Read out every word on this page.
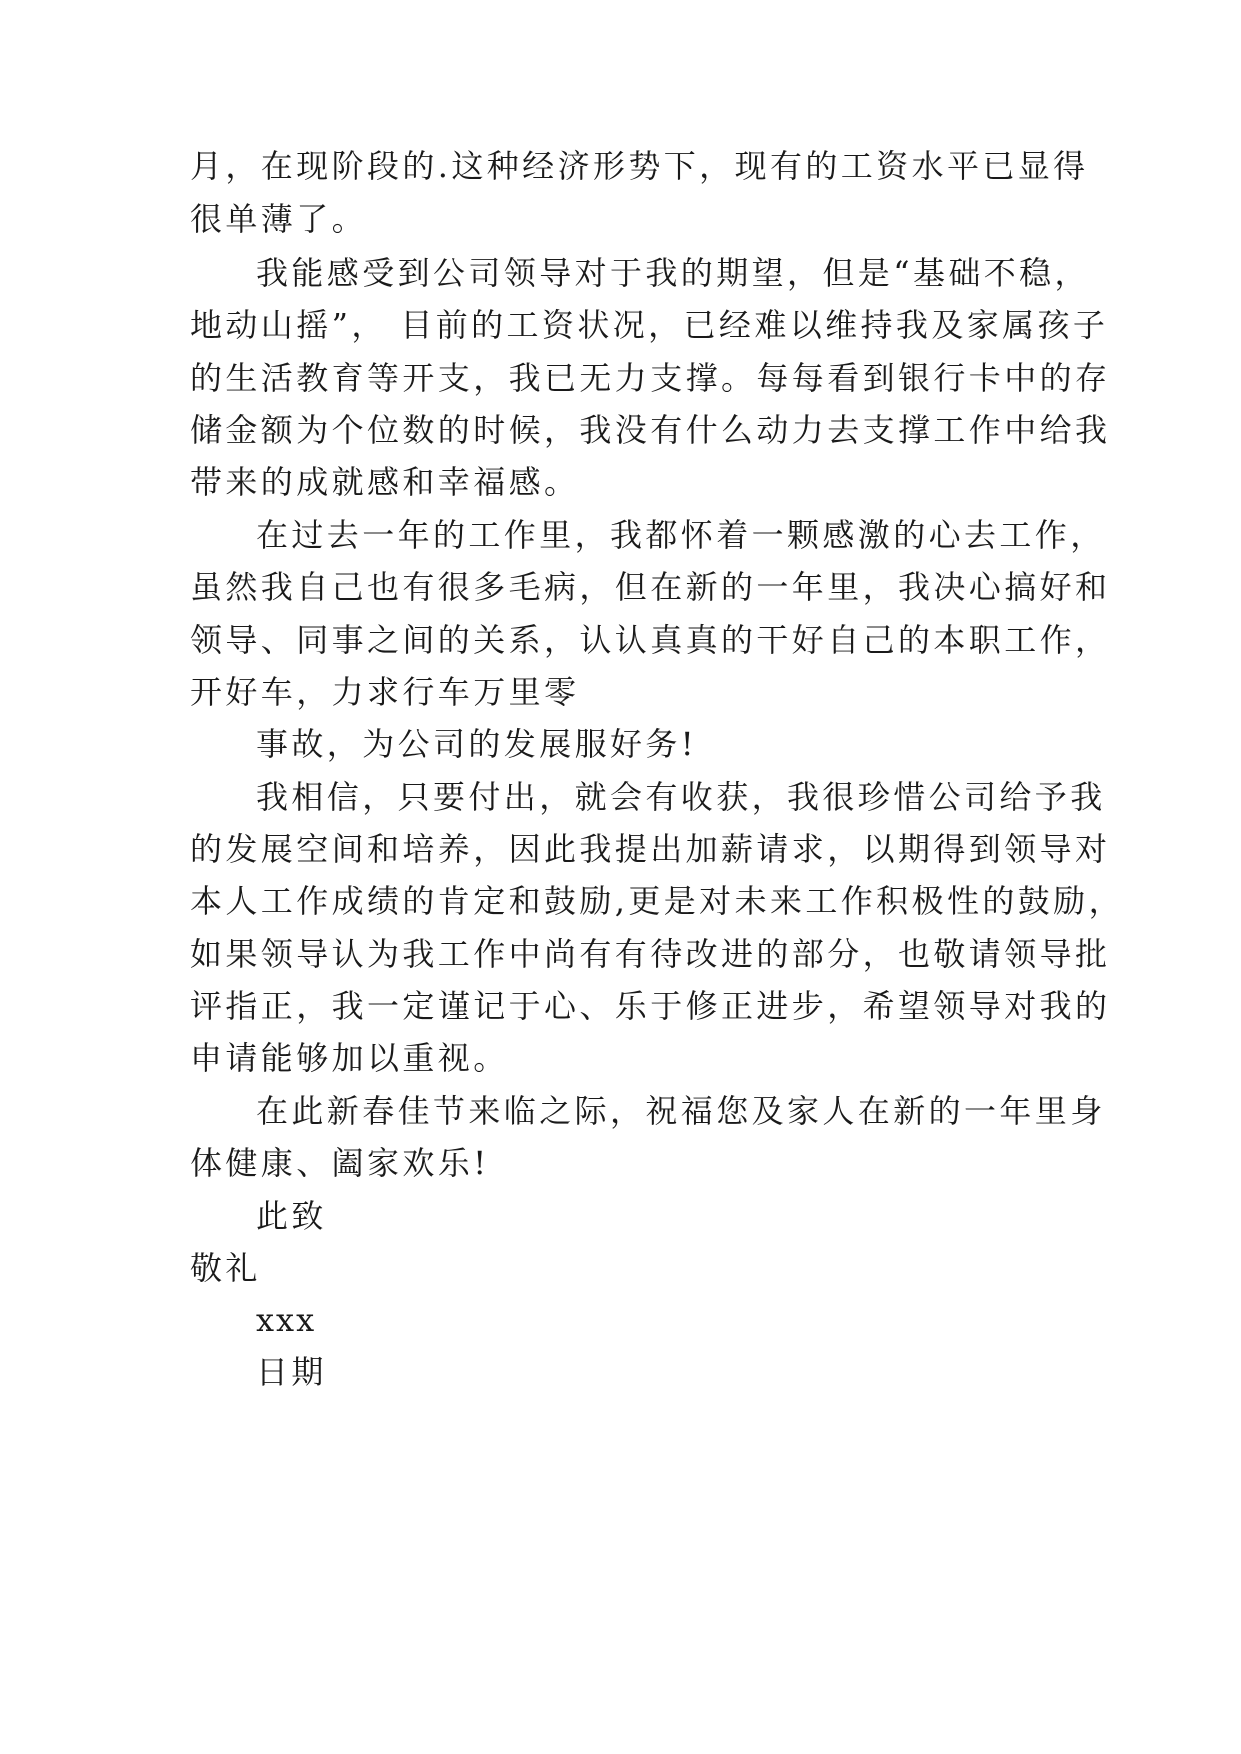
月，在现阶段的.这种经济形势下，现有的工资水平已显得
很单薄了。
我能感受到公司领导对于我的期望，但是“基础不稳，
地动山摇”， 目前的工资状况，已经难以维持我及家属孩子
的生活教育等开支，我已无力支撑。每每看到银行卡中的存
储金额为个位数的时候，我没有什么动力去支撑工作中给我
带来的成就感和幸福感。
在过去一年的工作里，我都怀着一颗感激的心去工作，
虽然我自己也有很多毛病，但在新的一年里，我决心搞好和
领导、同事之间的关系，认认真真的干好自己的本职工作，
开好车，力求行车万里零
事故，为公司的发展服好务!
我相信，只要付出，就会有收获，我很珍惜公司给予我
的发展空间和培养，因此我提出加薪请求，以期得到领导对
本人工作成绩的肯定和鼓励,更是对未来工作积极性的鼓励，
如果领导认为我工作中尚有有待改进的部分，也敬请领导批
评指正，我一定谨记于心、乐于修正进步，希望领导对我的
申请能够加以重视。
在此新春佳节来临之际，祝福您及家人在新的一年里身
体健康、阖家欢乐!
此致
敬礼
xxx
日期
